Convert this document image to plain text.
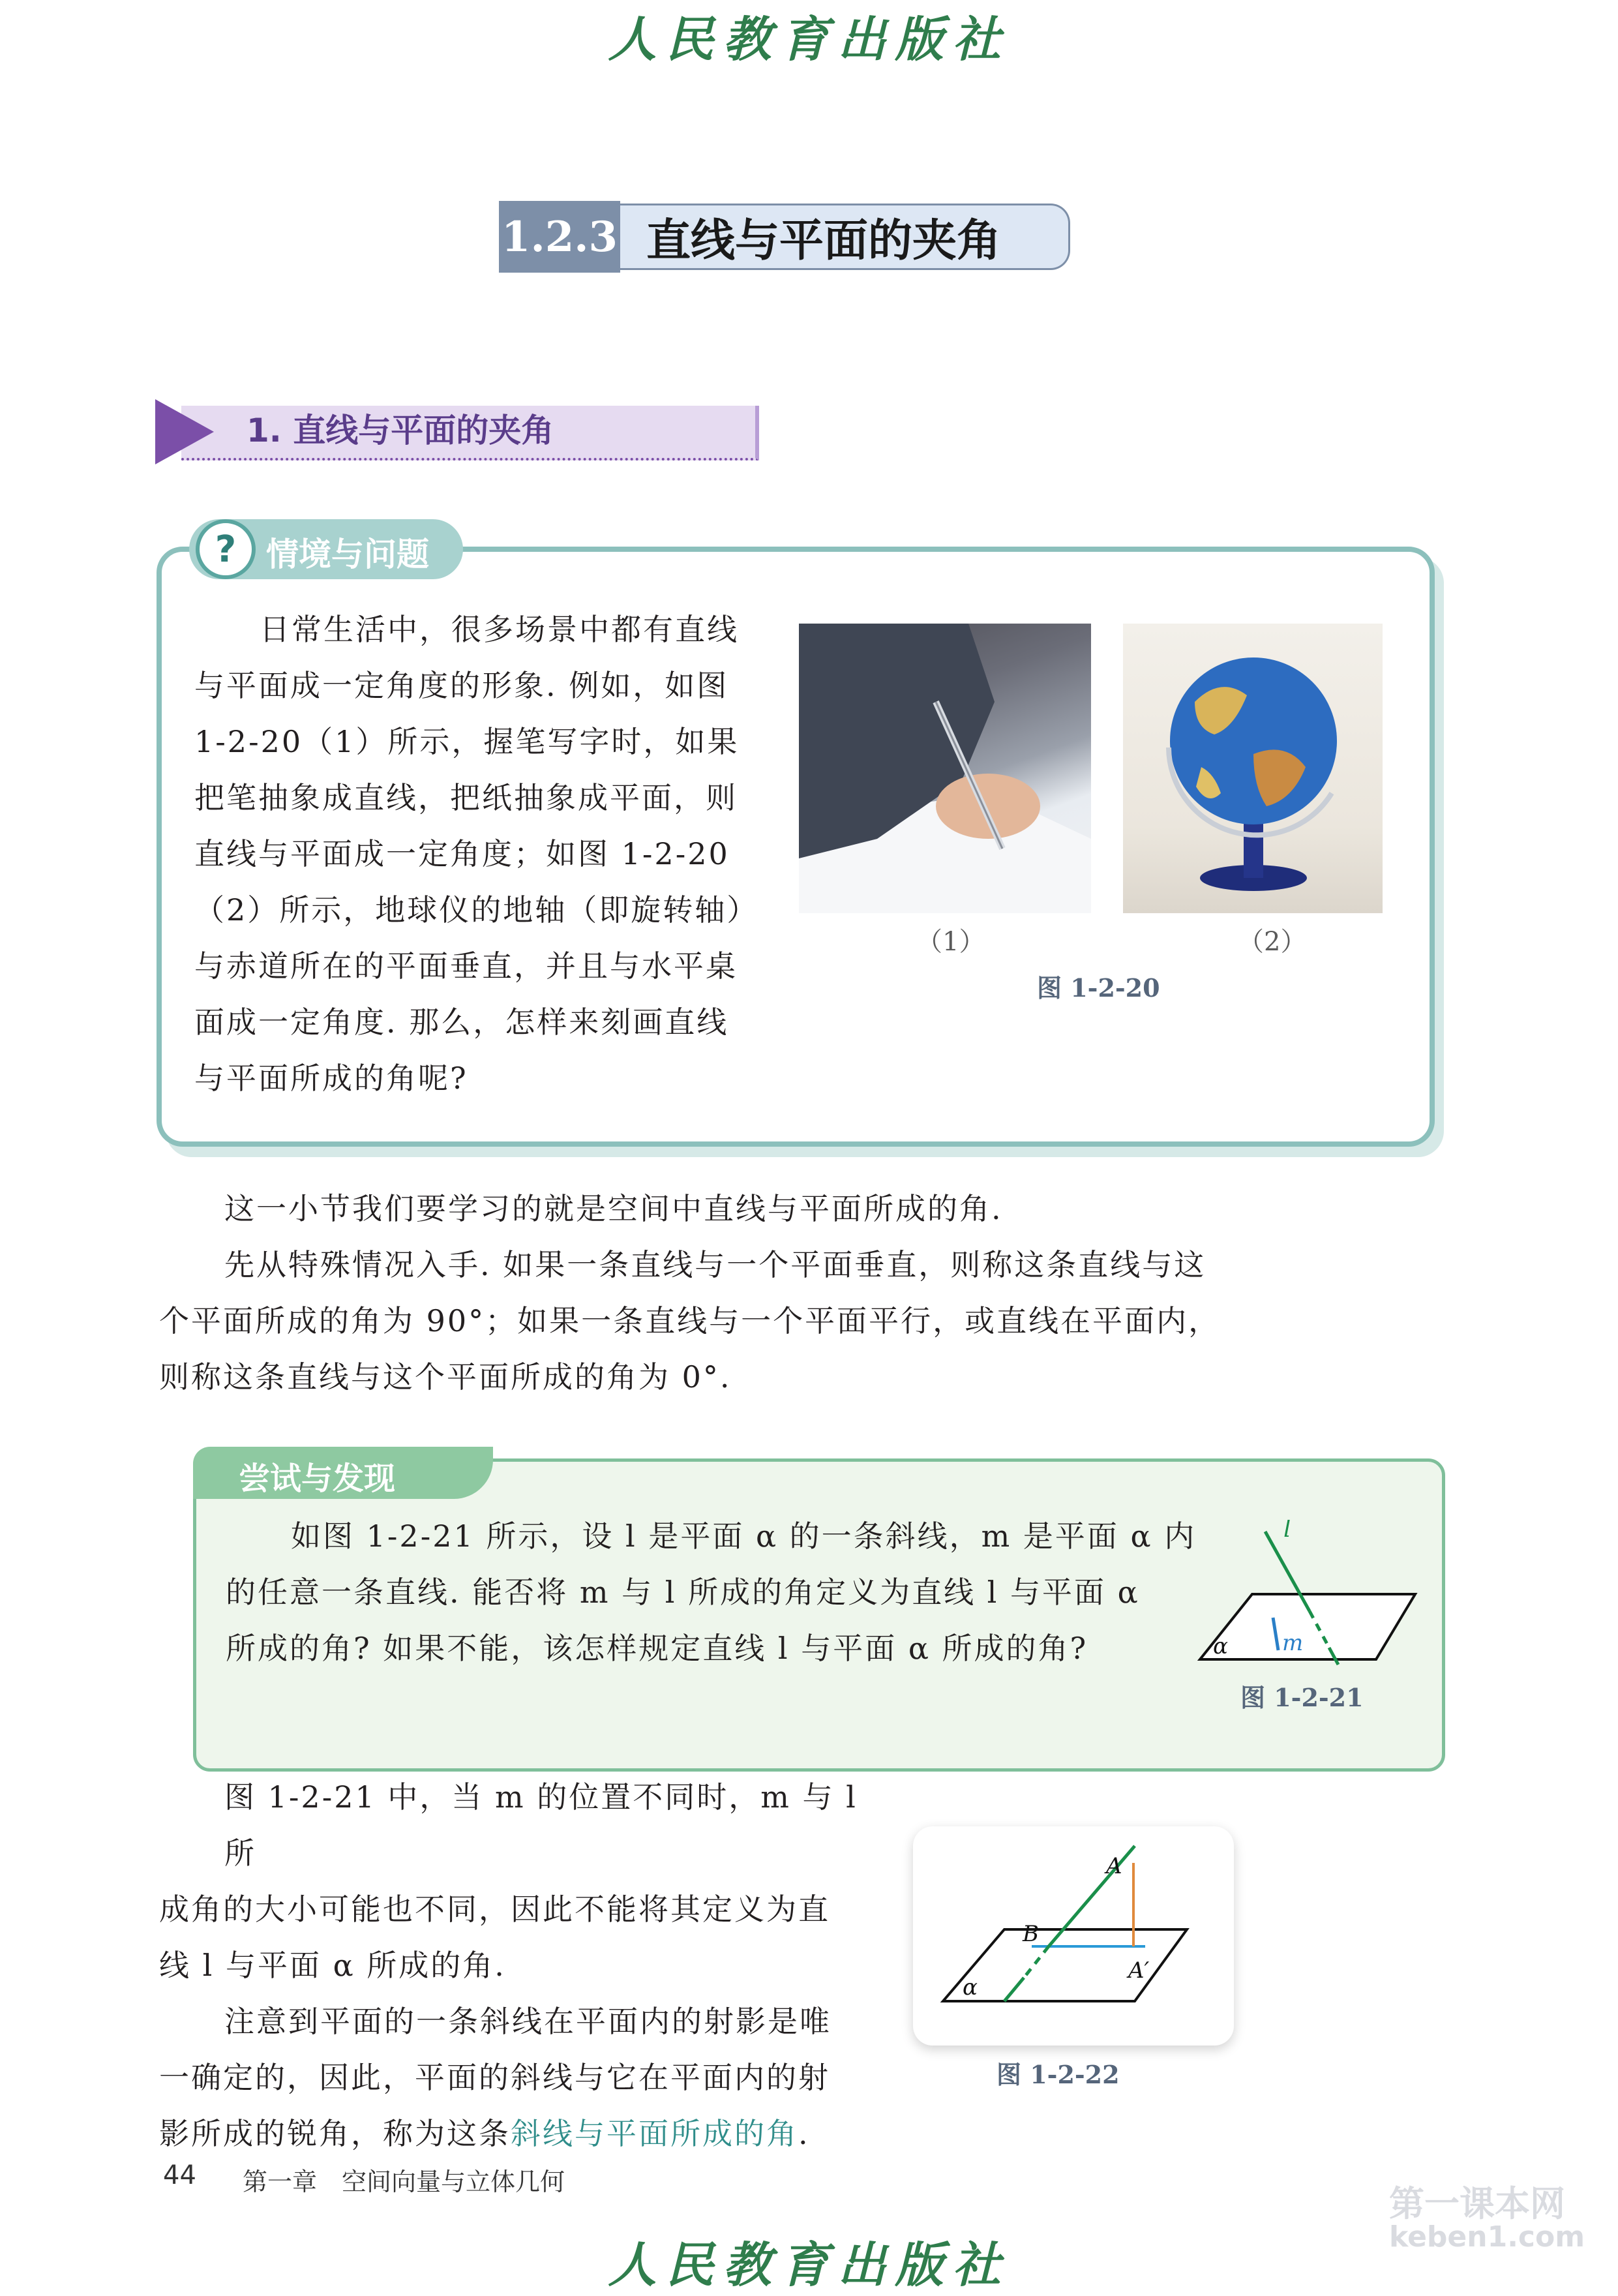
人民教育出版社
1.2.3 直线与平面的夹角
1. 直线与平面的夹角
? 情境与问题
日常生活中，很多场景中都有直线
与平面成一定角度的形象. 例如，如图
1-2-20（1）所示，握笔写字时，如果
把笔抽象成直线，把纸抽象成平面，则
直线与平面成一定角度；如图 1-2-20
（2）所示，地球仪的地轴（即旋转轴）
与赤道所在的平面垂直，并且与水平桌
面成一定角度. 那么，怎样来刻画直线
与平面所成的角呢?
（1）	（2）
图 1-2-20
这一小节我们要学习的就是空间中直线与平面所成的角.
先从特殊情况入手. 如果一条直线与一个平面垂直，则称这条直线与这
个平面所成的角为 90°；如果一条直线与一个平面平行，或直线在平面内，
则称这条直线与这个平面所成的角为 0°.
尝试与发现
如图 1-2-21 所示，设 l 是平面 α 的一条斜线，m 是平面 α 内
的任意一条直线. 能否将 m 与 l 所成的角定义为直线 l 与平面 α
所成的角? 如果不能，该怎样规定直线 l 与平面 α 所成的角?
l
m
α
图 1-2-21
图 1-2-21 中，当 m 的位置不同时，m 与 l 所
成角的大小可能也不同，因此不能将其定义为直
线 l 与平面 α 所成的角.
注意到平面的一条斜线在平面内的射影是唯
一确定的，因此，平面的斜线与它在平面内的射
影所成的锐角，称为这条斜线与平面所成的角.
A
B
A′
α
图 1-2-22
44 第一章 空间向量与立体几何
第一课本网
keben1.com
人民教育出版社
